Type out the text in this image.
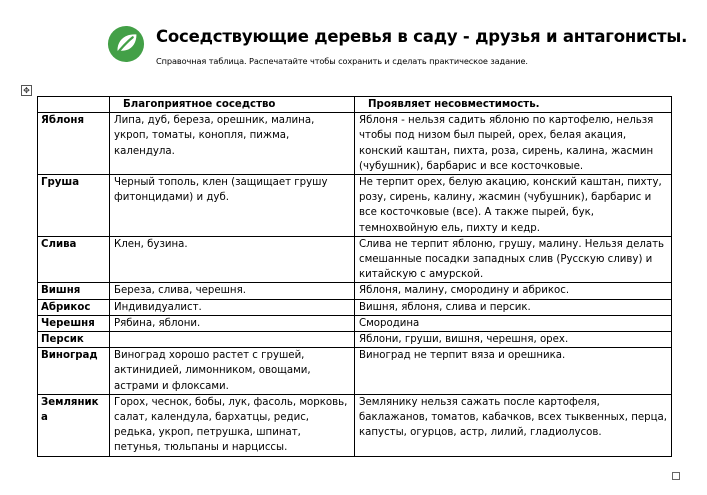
Соседствующие деревья в саду - друзья и антагонисты.
Справочная таблица. Распечатайте чтобы сохранить и сделать практическое задание.
✥
	Благоприятное соседство	Проявляет несовместимость.
Яблоня	Липа, дуб, береза, орешник, малина, укроп, томаты, конопля, пижма, календула.	Яблоня - нельзя садить яблоню по картофелю, нельзя чтобы под низом был пырей, орех, белая акация, конский каштан, пихта, роза, сирень, калина, жасмин (чубушник), барбарис и все косточковые.
Груша	Черный тополь, клен (защищает грушу фитонцидами) и дуб.	Не терпит орех, белую акацию, конский каштан, пихту, розу, сирень, калину, жасмин (чубушник), барбарис и все косточковые (все). А также пырей, бук, темнохвойную ель, пихту и кедр.
Слива	Клен, бузина.	Слива не терпит яблоню, грушу, малину. Нельзя делать смешанные посадки западных слив (Русскую сливу) и китайскую с амурской.
Вишня	Береза, слива, черешня.	Яблоня, малину, смородину и абрикос.
Абрикос	Индивидуалист.	Вишня, яблоня, слива и персик.
Черешня	Рябина, яблони.	Смородина
Персик		Яблони, груши, вишня, черешня, орех.
Виноград	Виноград хорошо растет с грушей, актинидией, лимонником, овощами, астрами и флоксами.	Виноград не терпит вяза и орешника.
Земляника	Горох, чеснок, бобы, лук, фасоль, морковь, салат, календула, бархатцы, редис, редька, укроп, петрушка, шпинат, петунья, тюльпаны и нарциссы.	Землянику нельзя сажать после картофеля, баклажанов, томатов, кабачков, всех тыквенных, перца, капусты, огурцов, астр, лилий, гладиолусов.
